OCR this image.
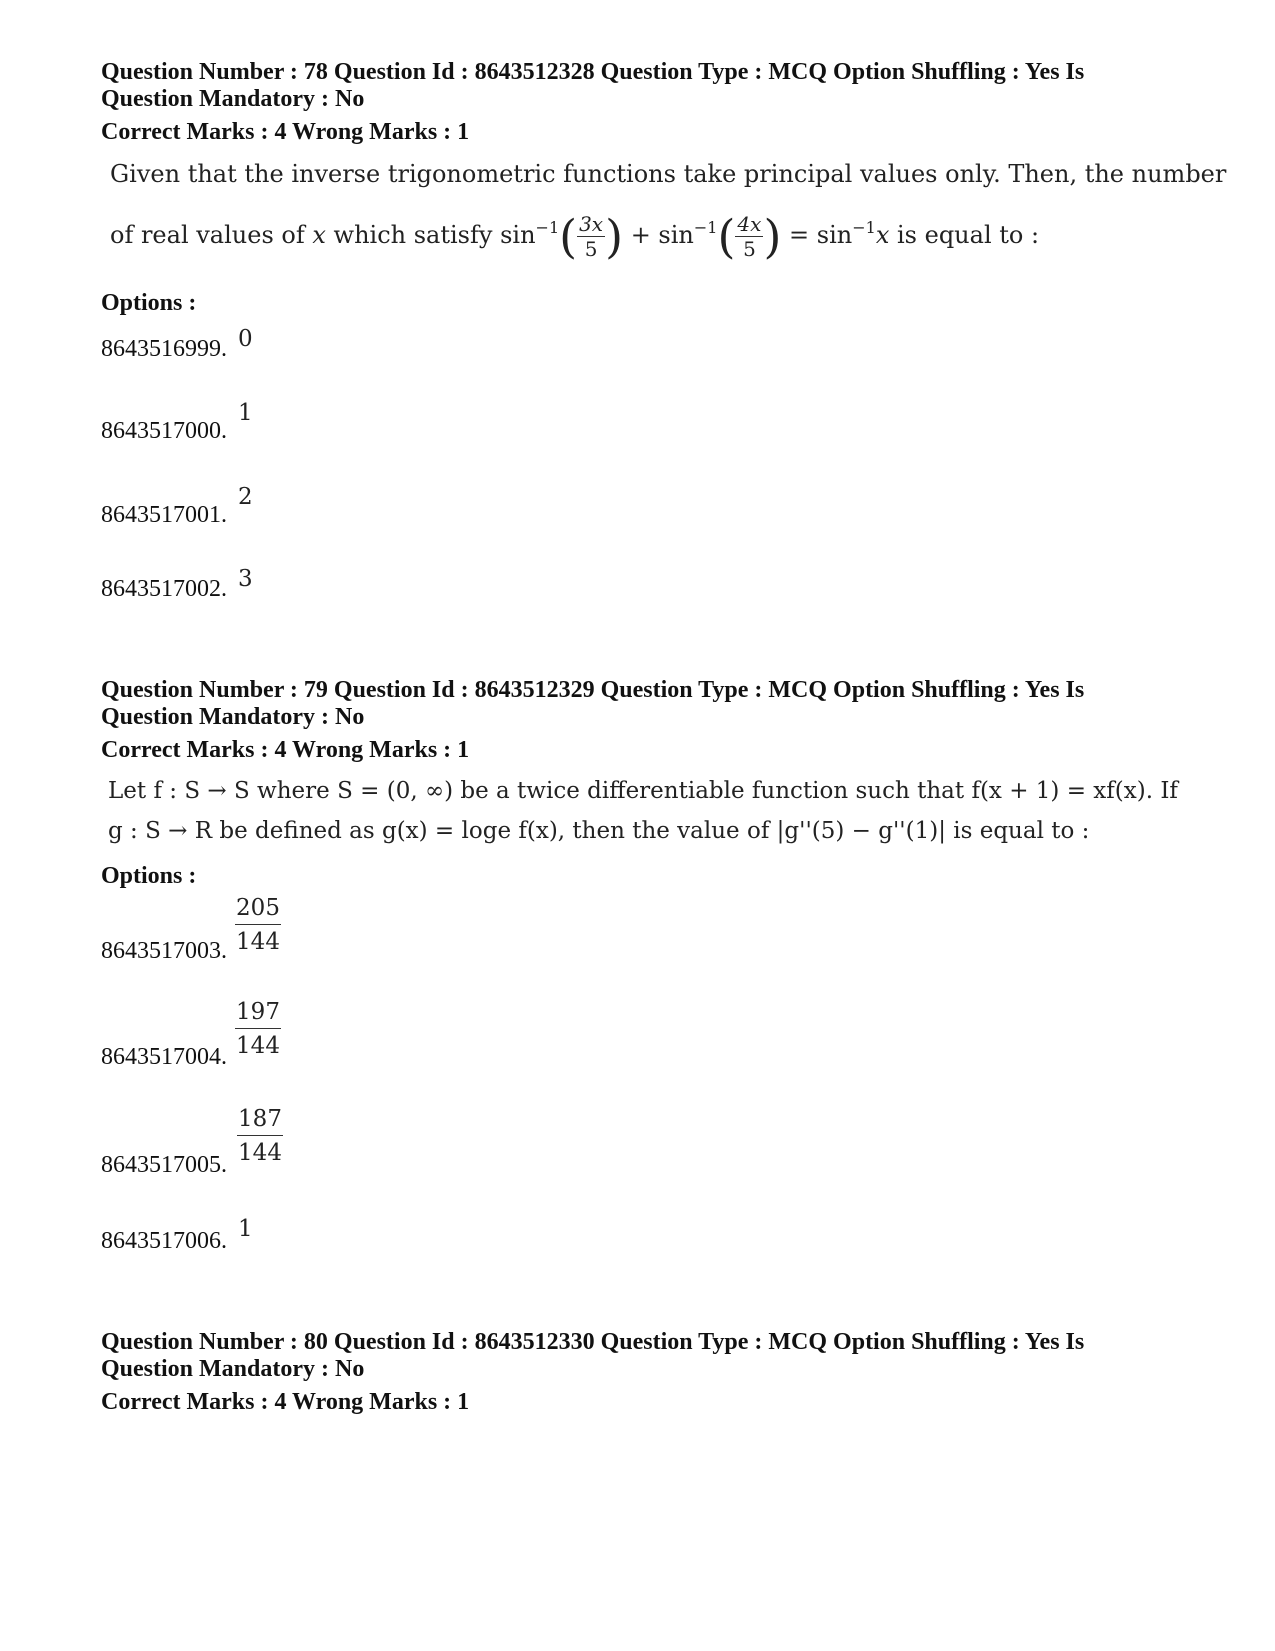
Question Number : 78 Question Id : 8643512328 Question Type : MCQ Option Shuffling : Yes Is
Question Mandatory : No
Correct Marks : 4 Wrong Marks : 1
Given that the inverse trigonometric functions take principal values only. Then, the number
of real values of x which satisfy $\sin^{-1}( \frac{3x}{5}$ ) + $\sin^{-1}( \frac{4x}{5}$ ) = $\sin^{-1}x$ is equal to :
Options :
8643516999. 0
8643517000.
1
8643517001.
2
8643517002. 3
Question Number : 79 Question Id : 8643512329 Question Type : MCQ Option Shuffling : Yes Is
Question Mandatory : No
Correct Marks : 4 Wrong Marks : 1
Let f : S → S where S = (0, ∞) be a twice differentiable function such that f(x + 1) = xf(x). If
g : S → R be defined as g(x) = loge f(x), then the value of |g''(5) − g''(1)| is equal to :
Options :
8643517003. $\frac{205}{144}$
8643517004. $\frac{197}{144}$
8643517005. $\frac{187}{144}$
8643517006. 1
Question Number : 80 Question Id : 8643512330 Question Type : MCQ Option Shuffling : Yes Is
Question Mandatory : No
Correct Marks : 4 Wrong Marks : 1
